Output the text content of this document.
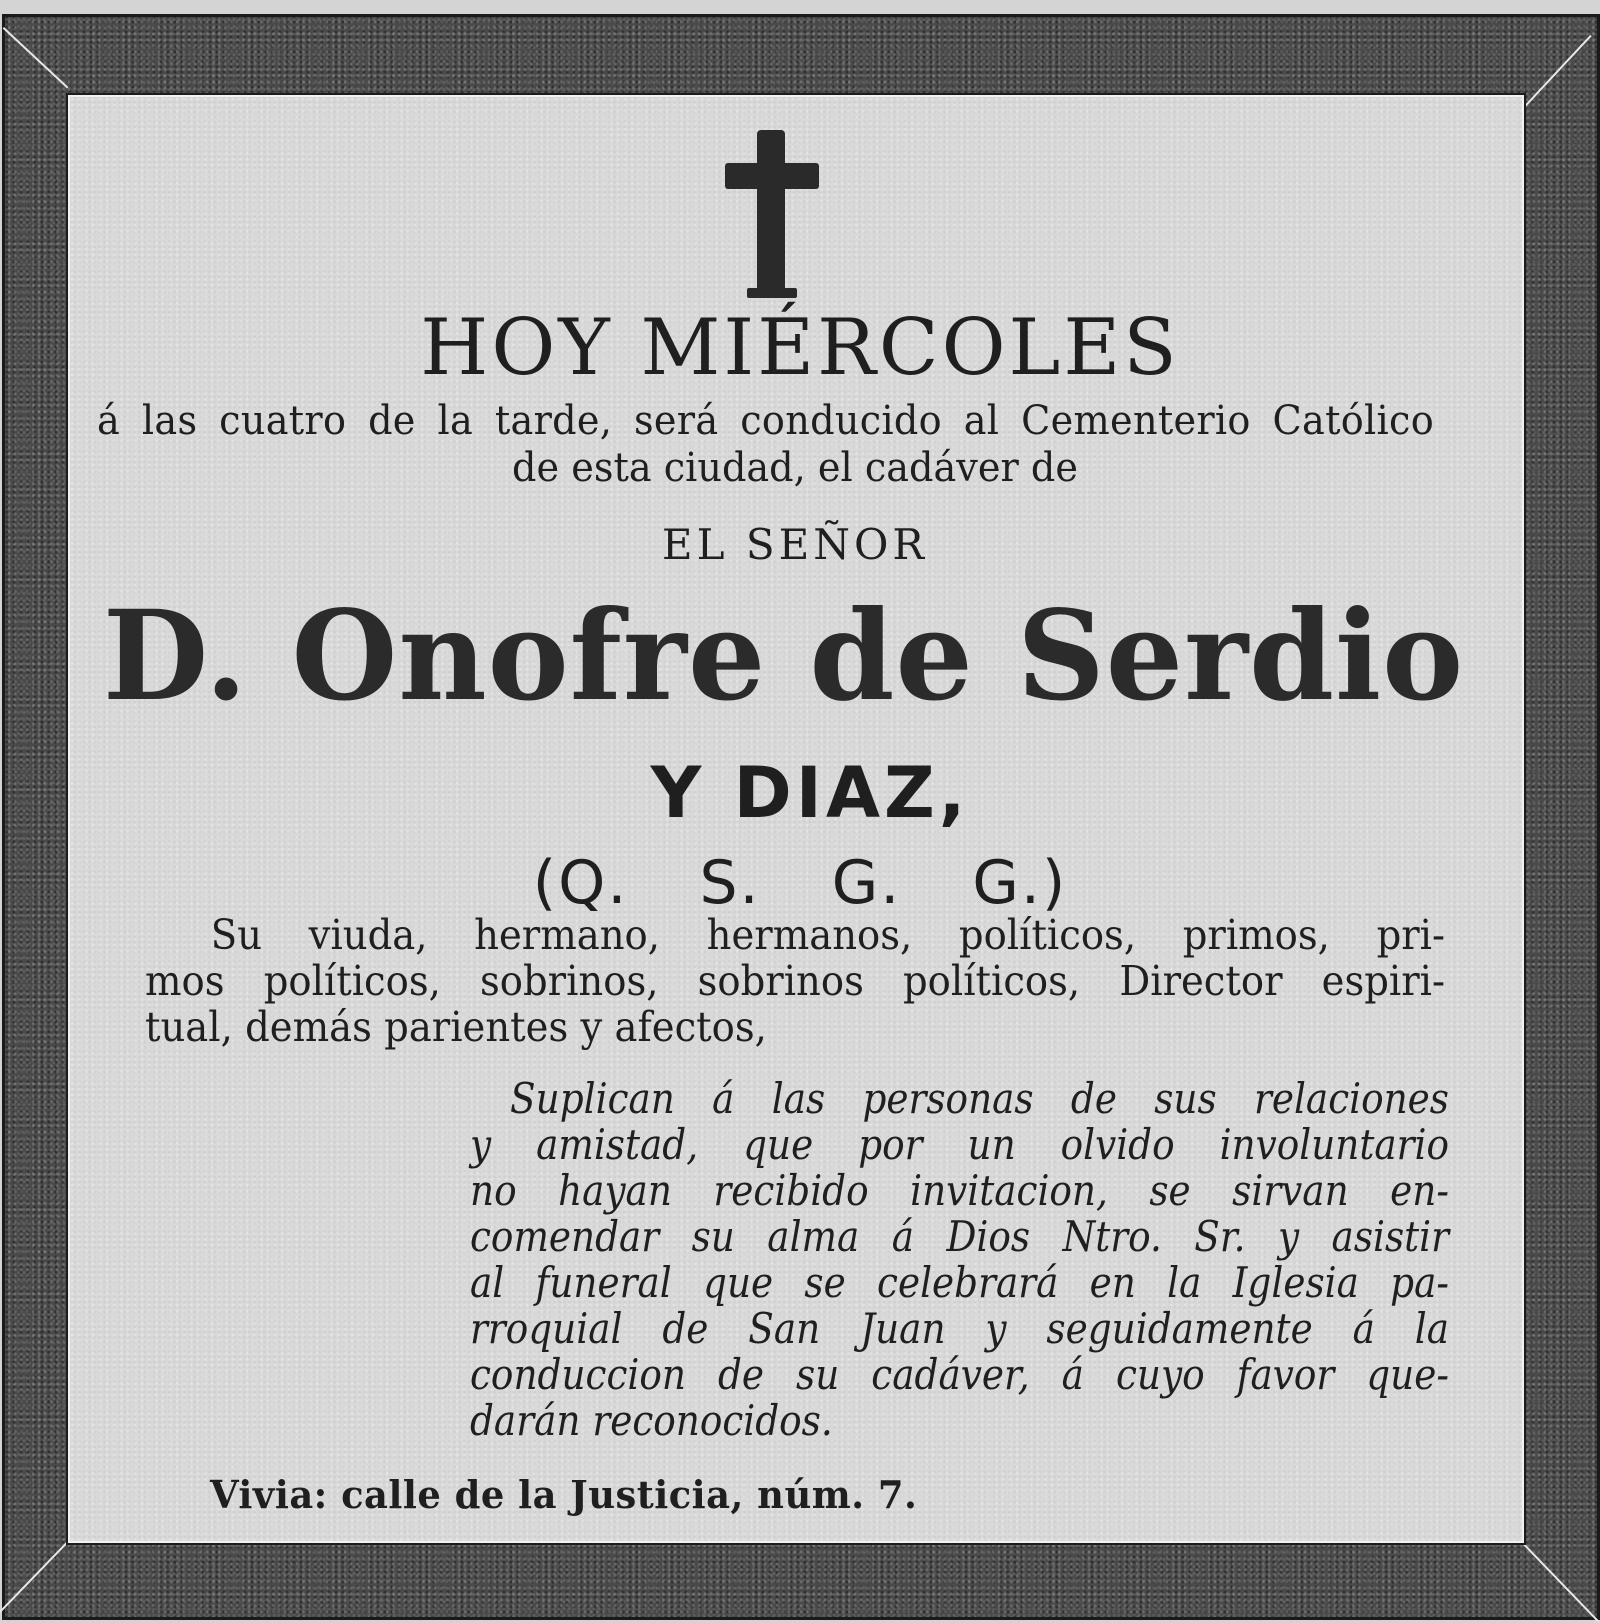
HOY MIÉRCOLES

á las cuatro de la tarde, será conducido al Cementerio Católico

de esta ciudad, el cadáver de

EL SEÑOR

D. Onofre de Serdio

Y DIAZ,

(Q. S. G. G.)

Su viuda, hermano, hermanos, políticos, primos, pri-
mos políticos, sobrinos, sobrinos políticos, Director espiri-
tual, demás parientes y afectos,
Suplican á las personas de sus relaciones
y amistad, que por un olvido involuntario
no hayan recibido invitacion, se sirvan en-
comendar su alma á Dios Ntro. Sr. y asistir
al funeral que se celebrará en la Iglesia pa-
rroquial de San Juan y seguidamente á la
conduccion de su cadáver, á cuyo favor que-
darán reconocidos.

Vivia: calle de la Justicia, núm. 7.
